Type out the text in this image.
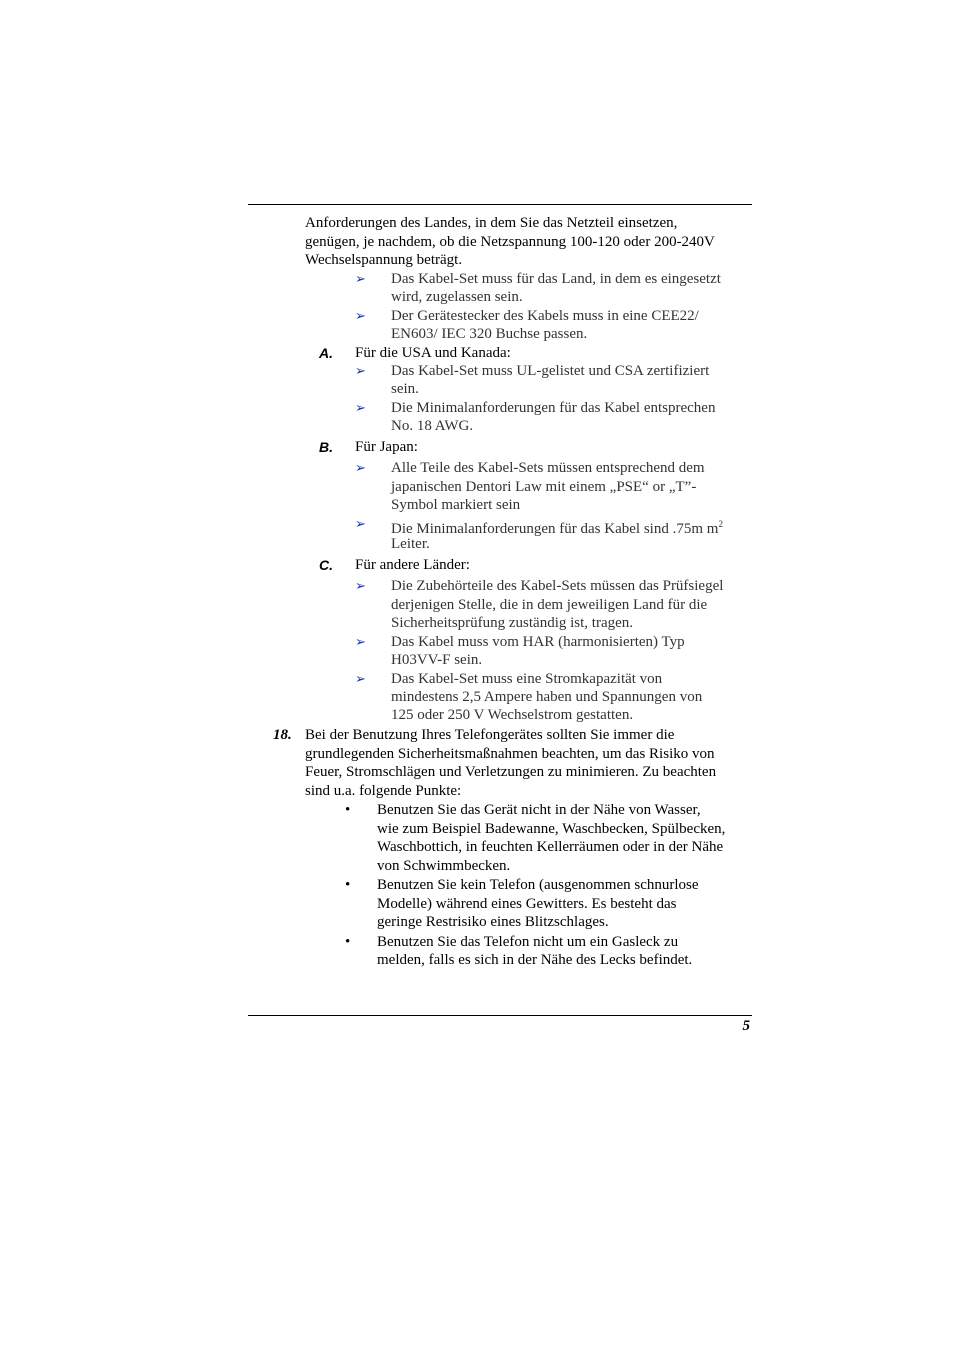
Anforderungen des Landes, in dem Sie das Netzteil einsetzen,
genügen, je nachdem, ob die Netzspannung 100-120 oder 200-240V
Wechselspannung beträgt.
➢ Das Kabel-Set muss für das Land, in dem es eingesetzt
wird, zugelassen sein.
➢ Der Gerätestecker des Kabels muss in eine CEE22/
EN603/ IEC 320 Buchse passen.
A. Für die USA und Kanada:
➢ Das Kabel-Set muss UL-gelistet und CSA zertifiziert
sein.
➢ Die Minimalanforderungen für das Kabel entsprechen
No. 18 AWG.
B. Für Japan:
➢ Alle Teile des Kabel-Sets müssen entsprechend dem
japanischen Dentori Law mit einem „PSE“ or „T”-
Symbol markiert sein
➢ Die Minimalanforderungen für das Kabel sind .75m $m^2$
Leiter.
C. Für andere Länder:
➢ Die Zubehörteile des Kabel-Sets müssen das Prüfsiegel
derjenigen Stelle, die in dem jeweiligen Land für die
Sicherheitsprüfung zuständig ist, tragen.
➢ Das Kabel muss vom HAR (harmonisierten) Typ
H03VV-F sein.
➢ Das Kabel-Set muss eine Stromkapazität von
mindestens 2,5 Ampere haben und Spannungen von
125 oder 250 V Wechselstrom gestatten.
18. Bei der Benutzung Ihres Telefongerätes sollten Sie immer die
grundlegenden Sicherheitsmaßnahmen beachten, um das Risiko von
Feuer, Stromschlägen und Verletzungen zu minimieren. Zu beachten
sind u.a. folgende Punkte:
• Benutzen Sie das Gerät nicht in der Nähe von Wasser,
wie zum Beispiel Badewanne, Waschbecken, Spülbecken,
Waschbottich, in feuchten Kellerräumen oder in der Nähe
von Schwimmbecken.
• Benutzen Sie kein Telefon (ausgenommen schnurlose
Modelle) während eines Gewitters. Es besteht das
geringe Restrisiko eines Blitzschlages.
• Benutzen Sie das Telefon nicht um ein Gasleck zu
melden, falls es sich in der Nähe des Lecks befindet.
5
